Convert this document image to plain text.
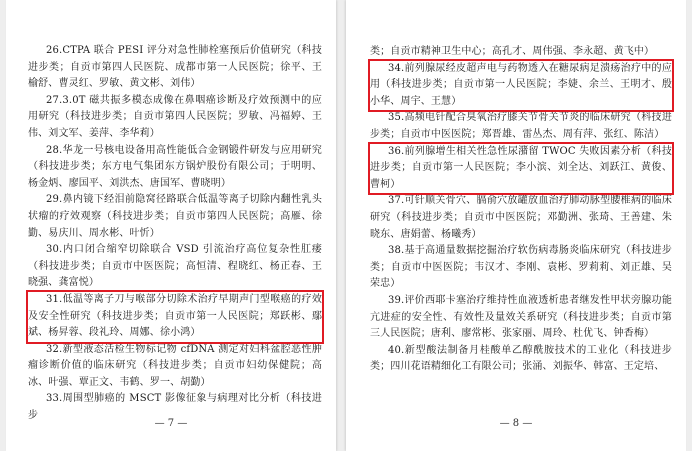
26.CTPA 联合 PESI 评分对急性肺栓塞预后价值研究（科技进步类；自贡市第四人民医院、成都市第一人民医院；徐平、王榆舒、曹灵红、罗敏、黄文彬、刘伟）

27.3.0T 磁共振多模态成像在鼻咽癌诊断及疗效预测中的应用研究（科技进步类；自贡市第四人民医院；罗敏、冯福婷、王伟、刘文军、姜萍、李华莉）

28.华龙一号核电设备用高性能低合金钢锻件研发与应用研究（科技进步类；东方电气集团东方锅炉股份有限公司；于明明、杨金炳、廖国平、刘洪杰、唐国军、曹晓明）

29.鼻内镜下经泪前隐窝径路联合低温等离子切除内翻性乳头状瘤的疗效观察（科技进步类；自贡市第四人民医院；高雁、徐勤、易庆川、周水彬、叶忻）

30.内口闭合缩窄切除联合 VSD 引流治疗高位复杂性肛瘘（科技进步类；自贡市中医医院；高恒清、程晓红、杨正春、王晓强、龚富悦）

31.低温等离子刀与喉部分切除术治疗早期声门型喉癌的疗效及安全性研究（科技进步类；自贡市第一人民医院；郑跃彬、鄢斌、杨昇蓉、段礼玲、周娜、徐小鸿）

32.新型液态活检生物标记物 cfDNA 测定对妇科盆腔恶性肿瘤诊断价值的临床研究（科技进步类；自贡市妇幼保健院；高冰、叶强、覃正文、韦鹤、罗一、胡勤）

33.周围型肺癌的 MSCT 影像征象与病理对比分析（科技进步

— 7 —

类；自贡市精神卫生中心；高孔才、周伟强、李永超、黄飞中）

34.前列腺尿经皮超声电与药物透入在糖尿病足溃疡治疗中的应用（科技进步类；自贡市第一人民医院；李婕、余兰、王明才、殷小华、周宇、王慧）

35.高频电针配合臭氧治疗膝关节骨关节炎的临床研究（科技进步类；自贡市中医医院；郑晋雄、雷丛杰、周有萍、张红、陈洁）

36.前列腺增生相关性急性尿潴留 TWOC 失败因素分析（科技进步类；自贡市第一人民医院；李小滨、刘全达、刘跃江、黄俊、曹柯）

37.可针顺关骨穴、膈俞穴放罐放血治疗肺动脉型腰椎病的临床研究（科技进步类；自贡市中医医院；邓勤洲、张琦、王善建、朱晓东、唐娟蕾、杨曦秀）

38.基于高通量数据挖掘治疗软伤病毒肠炎临床研究（科技进步类；自贡市中医医院；韦汉才、李刚、袁彬、罗莉莉、刘正雄、吴荣忠）

39.评价西耶卡塞治疗维持性血液透析患者继发性甲状旁腺功能亢进症的安全性、有效性及量效关系研究（科技进步类；自贡市第三人民医院；唐利、廖常彬、张家丽、周玲、杜优飞、钟香梅）

40.新型酸法制备月桂酸单乙醇酰胺技术的工业化（科技进步类；四川花语精细化工有限公司；张涌、刘振华、韩富、王定培、

— 8 —
